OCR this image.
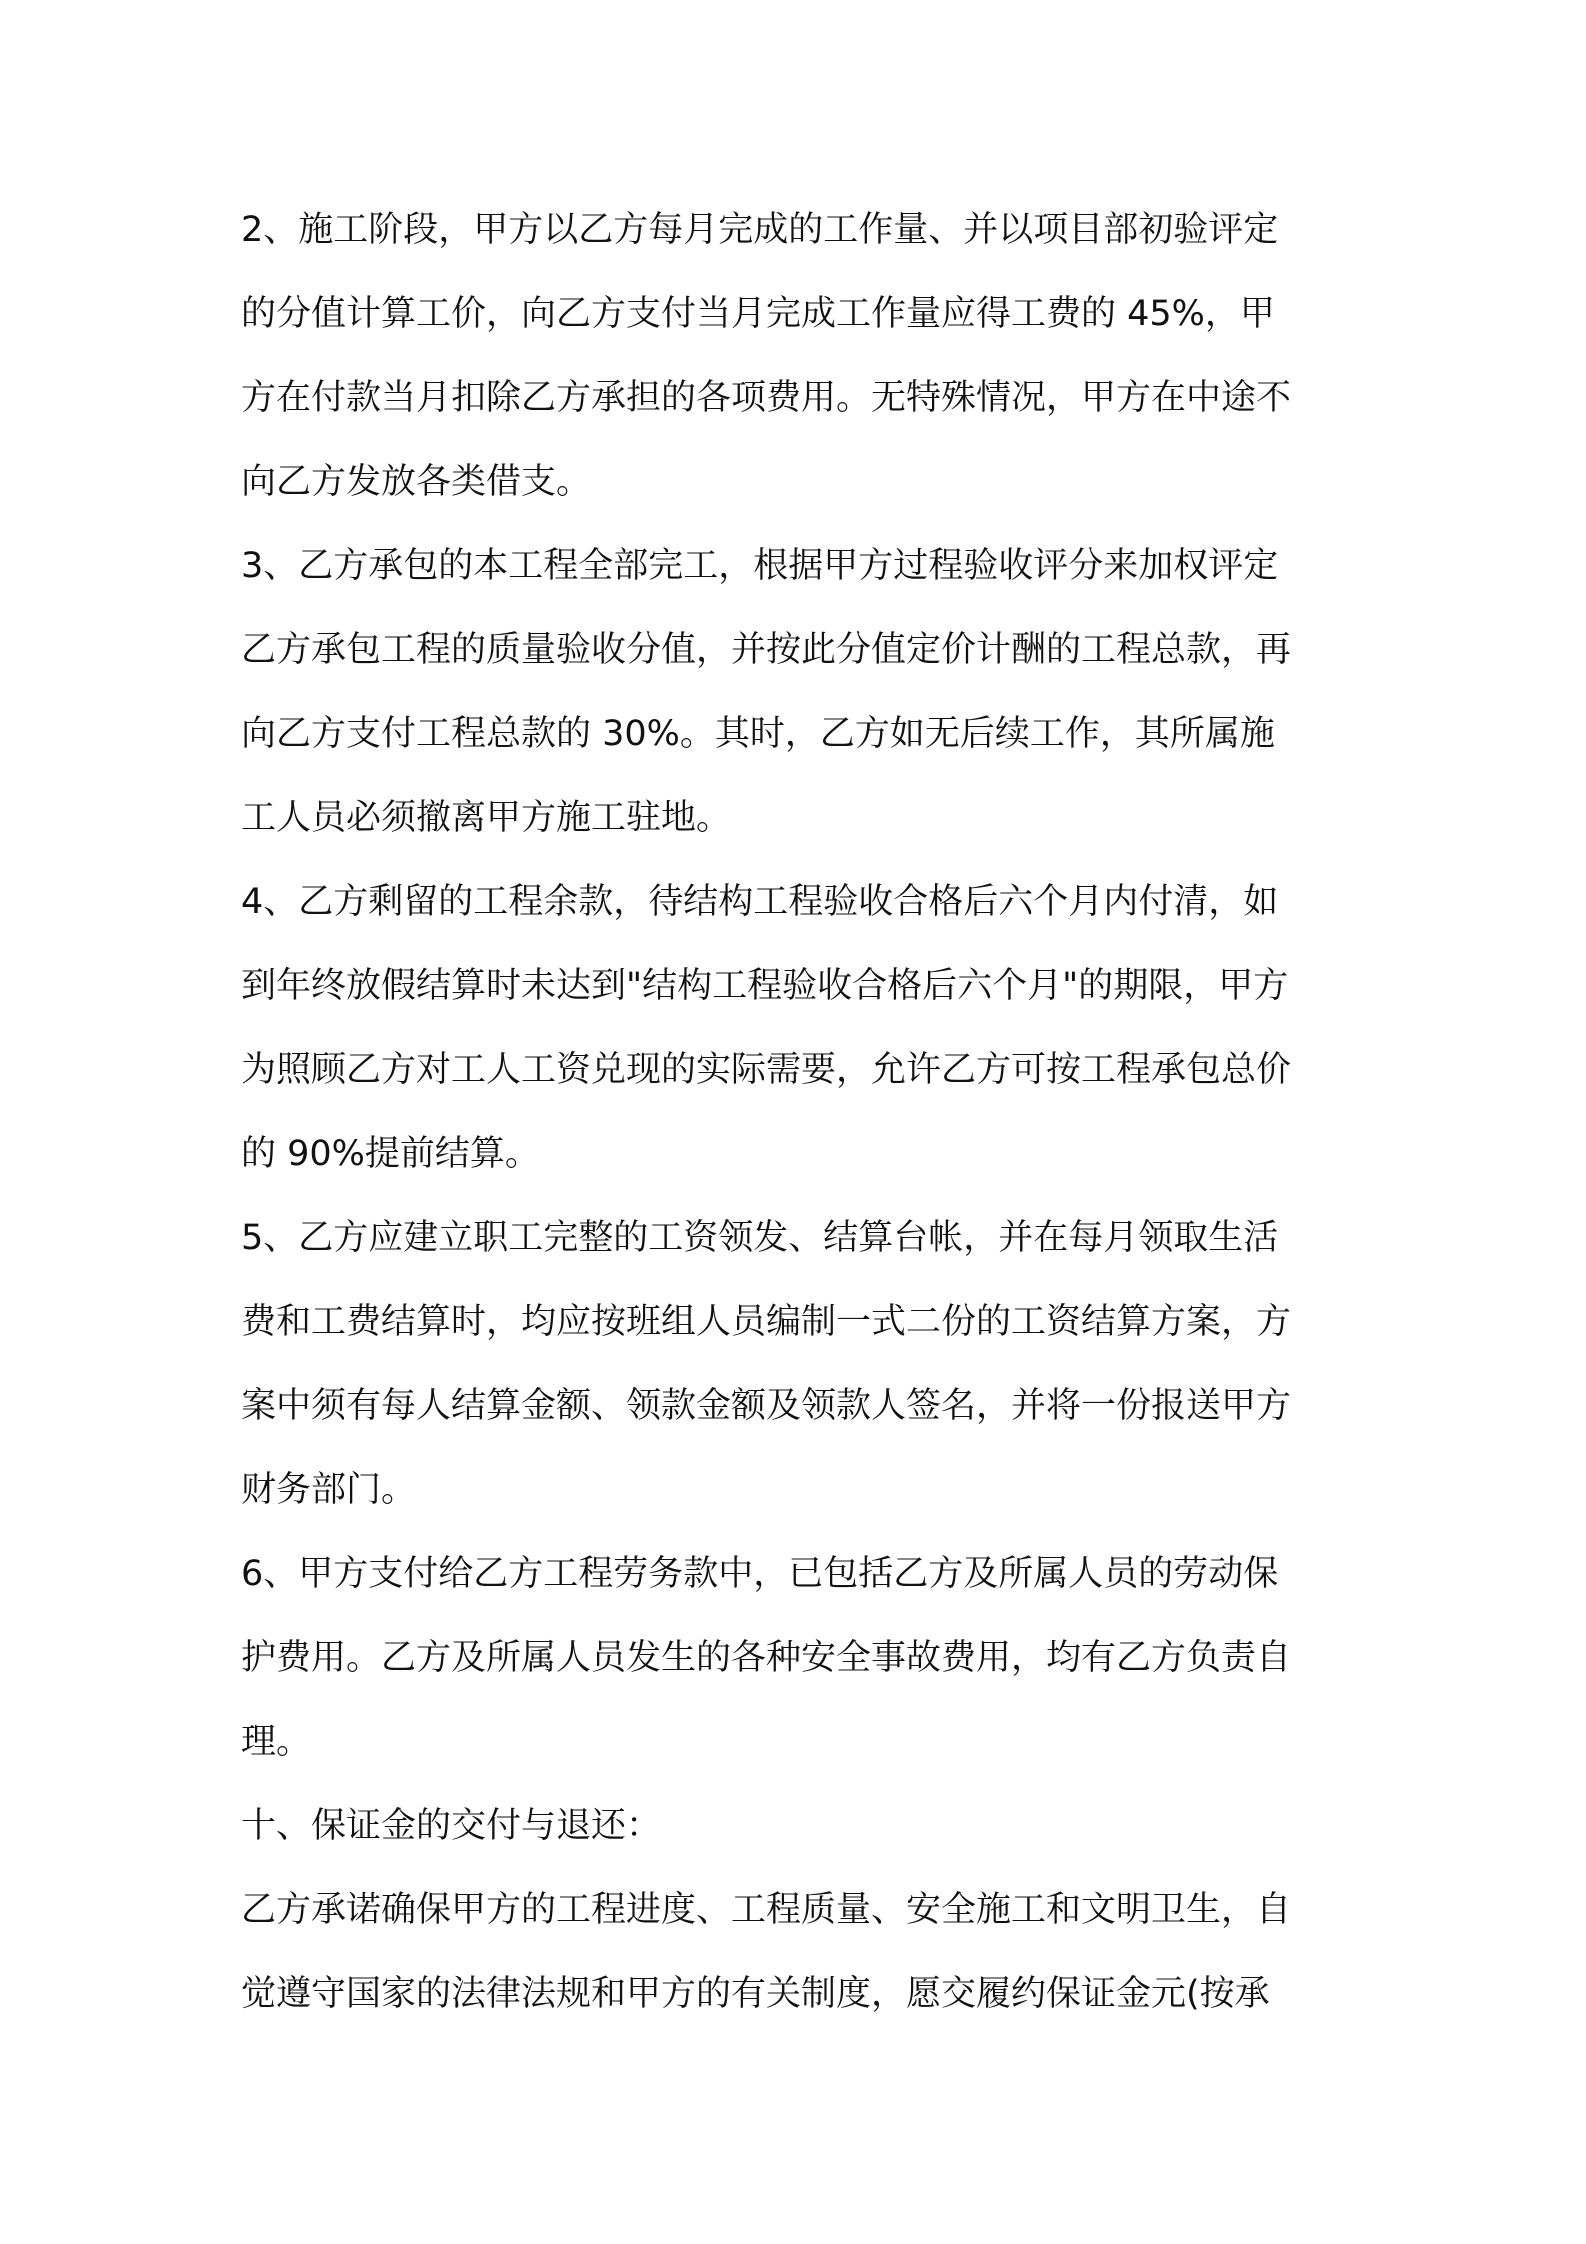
2、施工阶段，甲方以乙方每月完成的工作量、并以项目部初验评定
的分值计算工价，向乙方支付当月完成工作量应得工费的 45%，甲
方在付款当月扣除乙方承担的各项费用。无特殊情况，甲方在中途不
向乙方发放各类借支。
3、乙方承包的本工程全部完工，根据甲方过程验收评分来加权评定
乙方承包工程的质量验收分值，并按此分值定价计酬的工程总款，再
向乙方支付工程总款的 30%。其时，乙方如无后续工作，其所属施
工人员必须撤离甲方施工驻地。
4、乙方剩留的工程余款，待结构工程验收合格后六个月内付清，如
到年终放假结算时未达到"结构工程验收合格后六个月"的期限，甲方
为照顾乙方对工人工资兑现的实际需要，允许乙方可按工程承包总价
的 90%提前结算。
5、乙方应建立职工完整的工资领发、结算台帐，并在每月领取生活
费和工费结算时，均应按班组人员编制一式二份的工资结算方案，方
案中须有每人结算金额、领款金额及领款人签名，并将一份报送甲方
财务部门。
6、甲方支付给乙方工程劳务款中，已包括乙方及所属人员的劳动保
护费用。乙方及所属人员发生的各种安全事故费用，均有乙方负责自
理。
十、保证金的交付与退还：
乙方承诺确保甲方的工程进度、工程质量、安全施工和文明卫生，自
觉遵守国家的法律法规和甲方的有关制度，愿交履约保证金元(按承
